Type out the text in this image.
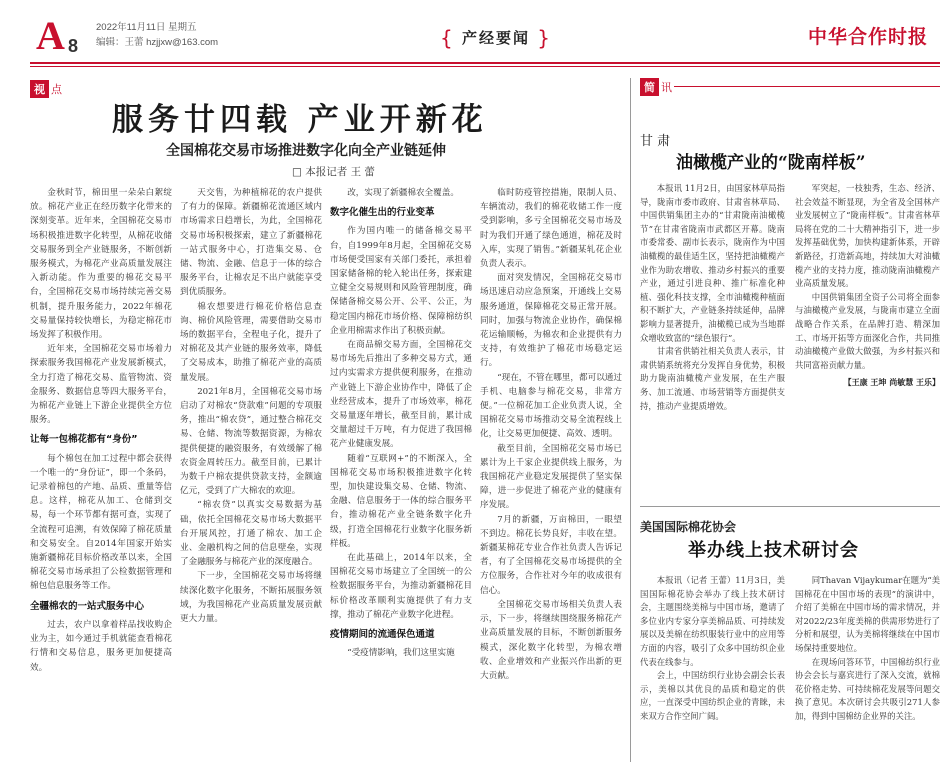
A 8
2022年11月11日 星期五
编辑：王蕾 hzjjxw@163.com	{ 产经要闻 }	中华合作时报
视 点
服务廿四载 产业开新花
全国棉花交易市场推进数字化向全产业链延伸
□ 本报记者 王 蕾

金秋时节，棉田里一朵朵白絮绽放。棉花产业正在经历数字化带来的深刻变革。近年来，全国棉花交易市场积极推进数字化转型，从棉花收储交易服务到全产业链服务，不断创新服务模式，为棉花产业高质量发展注入新动能。作为重要的棉花交易平台，全国棉花交易市场持续完善交易机制，提升服务能力，2022年棉花交易量保持较快增长，为稳定棉花市场发挥了积极作用。

近年来，全国棉花交易市场着力探索服务我国棉花产业发展新模式，全力打造了棉花交易、监管物流、资金服务、数据信息等四大服务平台，为棉花产业链上下游企业提供全方位服务。

让每一包棉花都有“身份”

每个棉包在加工过程中都会获得一个唯一的“身份证”，即一个条码，记录着棉包的产地、品质、重量等信息。这样，棉花从加工、仓储到交易，每一个环节都有据可查，实现了全流程可追溯，有效保障了棉花质量和交易安全。自2014年国家开始实施新疆棉花目标价格改革以来，全国棉花交易市场承担了公检数据管理和棉包信息服务等工作。

全疆棉农的一站式服务中心

过去，农户以拿着样品找收购企业为主，如今通过手机就能查看棉花行情和交易信息，服务更加便捷高效。

天交售，为种植棉花的农户提供了有力的保障。新疆棉花流通区域内市场需求日趋增长，为此，全国棉花交易市场积极探索，建立了新疆棉花一站式服务中心，打造集交易、仓储、物流、金融、信息于一体的综合服务平台，让棉农足不出户就能享受到优质服务。

棉农想要进行棉花价格信息查询、棉价风险管理，需要借助交易市场的数据平台，全程电子化，提升了对棉花及其产业链的服务效率，降低了交易成本，助推了棉花产业的高质量发展。

2021年8月，全国棉花交易市场启动了对棉农“贷款难”问题的专项服务，推出“棉农贷”，通过整合棉花交易、仓储、物流等数据资源，为棉农提供便捷的融资服务，有效缓解了棉农资金周转压力。截至目前，已累计为数千户棉农提供贷款支持，金额逾亿元，受到了广大棉农的欢迎。

“棉农贷”以真实交易数据为基础，依托全国棉花交易市场大数据平台开展风控，打通了棉农、加工企业、金融机构之间的信息壁垒，实现了金融服务与棉花产业的深度融合。

下一步，全国棉花交易市场将继续深化数字化服务，不断拓展服务领域，为我国棉花产业高质量发展贡献更大力量。

改，实现了新疆棉农全覆盖。

数字化催生出的行业变革

作为国内唯一的储备棉交易平台，自1999年8月起，全国棉花交易市场便受国家有关部门委托，承担着国家储备棉的轮入轮出任务，探索建立健全交易规则和风险管理制度，确保储备棉交易公开、公平、公正，为稳定国内棉花市场价格、保障棉纺织企业用棉需求作出了积极贡献。

在商品棉交易方面，全国棉花交易市场先后推出了多种交易方式，通过内实需求方提供便利服务，在推动产业链上下游企业协作中，降低了企业经营成本，提升了市场效率，棉花交易量逐年增长，截至目前，累计成交量超过千万吨，有力促进了我国棉花产业健康发展。

随着“互联网+”的不断深入，全国棉花交易市场积极推进数字化转型，加快建设集交易、仓储、物流、金融、信息服务于一体的综合服务平台，推动棉花产业全链条数字化升级，打造全国棉花行业数字化服务新样板。

在此基础上，2014年以来，全国棉花交易市场建立了全国统一的公检数据服务平台，为推动新疆棉花目标价格改革顺利实施提供了有力支撑，推动了棉花产业数字化进程。

疫情期间的流通保色通道

“受疫情影响，我们这里实施

临时防疫管控措施，限制人员、车辆流动，我们的棉花收储工作一度受到影响，多亏全国棉花交易市场及时为我们开通了绿色通道，棉花及时入库，实现了销售。”新疆某轧花企业负责人表示。

面对突发情况，全国棉花交易市场迅速启动应急预案，开通线上交易服务通道，保障棉花交易正常开展。同时，加强与物流企业协作，确保棉花运输顺畅，为棉农和企业提供有力支持，有效维护了棉花市场稳定运行。

“现在，不管在哪里，都可以通过手机、电脑参与棉花交易，非常方便。”一位棉花加工企业负责人说，全国棉花交易市场推动交易全流程线上化，让交易更加便捷、高效、透明。

截至目前，全国棉花交易市场已累计为上千家企业提供线上服务，为我国棉花产业稳定发展提供了坚实保障，进一步促进了棉花产业的健康有序发展。

7月的新疆，万亩棉田，一眼望不到边。棉花长势良好，丰收在望。新疆某棉花专业合作社负责人告诉记者，有了全国棉花交易市场提供的全方位服务，合作社对今年的收成很有信心。

全国棉花交易市场相关负责人表示，下一步，将继续围绕服务棉花产业高质量发展的目标，不断创新服务模式，深化数字化转型，为棉农增收、企业增效和产业振兴作出新的更大贡献。

简 讯
甘 肃
油橄榄产业的“陇南样板”

本报讯 11月2日，由国家林草局指导，陇南市委市政府、甘肃省林草局、中国供销集团主办的“甘肃陇南油橄榄节”在甘肃省陇南市武都区开幕。陇南市委常委、副市长表示，陇南作为中国油橄榄的最佳适生区，坚持把油橄榄产业作为助农增收、推动乡村振兴的重要产业，通过引进良种、推广标准化种植、强化科技支撑，全市油橄榄种植面积不断扩大，产业链条持续延伸，品牌影响力显著提升，油橄榄已成为当地群众增收致富的“绿色银行”。

甘肃省供销社相关负责人表示，甘肃供销系统将充分发挥自身优势，积极助力陇南油橄榄产业发展，在生产服务、加工流通、市场营销等方面提供支持，推动产业提质增效。

军突起，一枝独秀，生态、经济、社会效益不断显现，为全省及全国林产业发展树立了“陇南样板”。甘肃省林草局将在党的二十大精神指引下，进一步发挥基础优势，加快构建新体系，开辟新路径，打造新高地，持续加大对油橄榄产业的支持力度，推动陇南油橄榄产业高质量发展。

中国供销集团全资子公司将全面参与油橄榄产业发展，与陇南市建立全面战略合作关系，在品牌打造、精深加工、市场开拓等方面深化合作，共同推动油橄榄产业做大做强，为乡村振兴和共同富裕贡献力量。

【王康 王坤 尚敏慧 王乐】
美国国际棉花协会
举办线上技术研讨会

本报讯（记者 王蕾）11月3日，美国国际棉花协会举办了线上技术研讨会，主题围绕美棉与中国市场，邀请了多位业内专家分享美棉品质、可持续发展以及美棉在纺织服装行业中的应用等方面的内容，吸引了众多中国纺织企业代表在线参与。

会上，中国纺织行业协会副会长表示，美棉以其优良的品质和稳定的供应，一直深受中国纺织企业的青睐，未来双方合作空间广阔。

同Thavan Vijaykumar在题为“美国棉花在中国市场的表现”的演讲中，介绍了美棉在中国市场的需求情况，并对2022/23年度美棉的供需形势进行了分析和展望，认为美棉将继续在中国市场保持重要地位。

在现场问答环节，中国棉纺织行业协会会长与嘉宾进行了深入交流，就棉花价格走势、可持续棉花发展等问题交换了意见。本次研讨会共吸引271人参加，得到中国棉纺企业界的关注。
